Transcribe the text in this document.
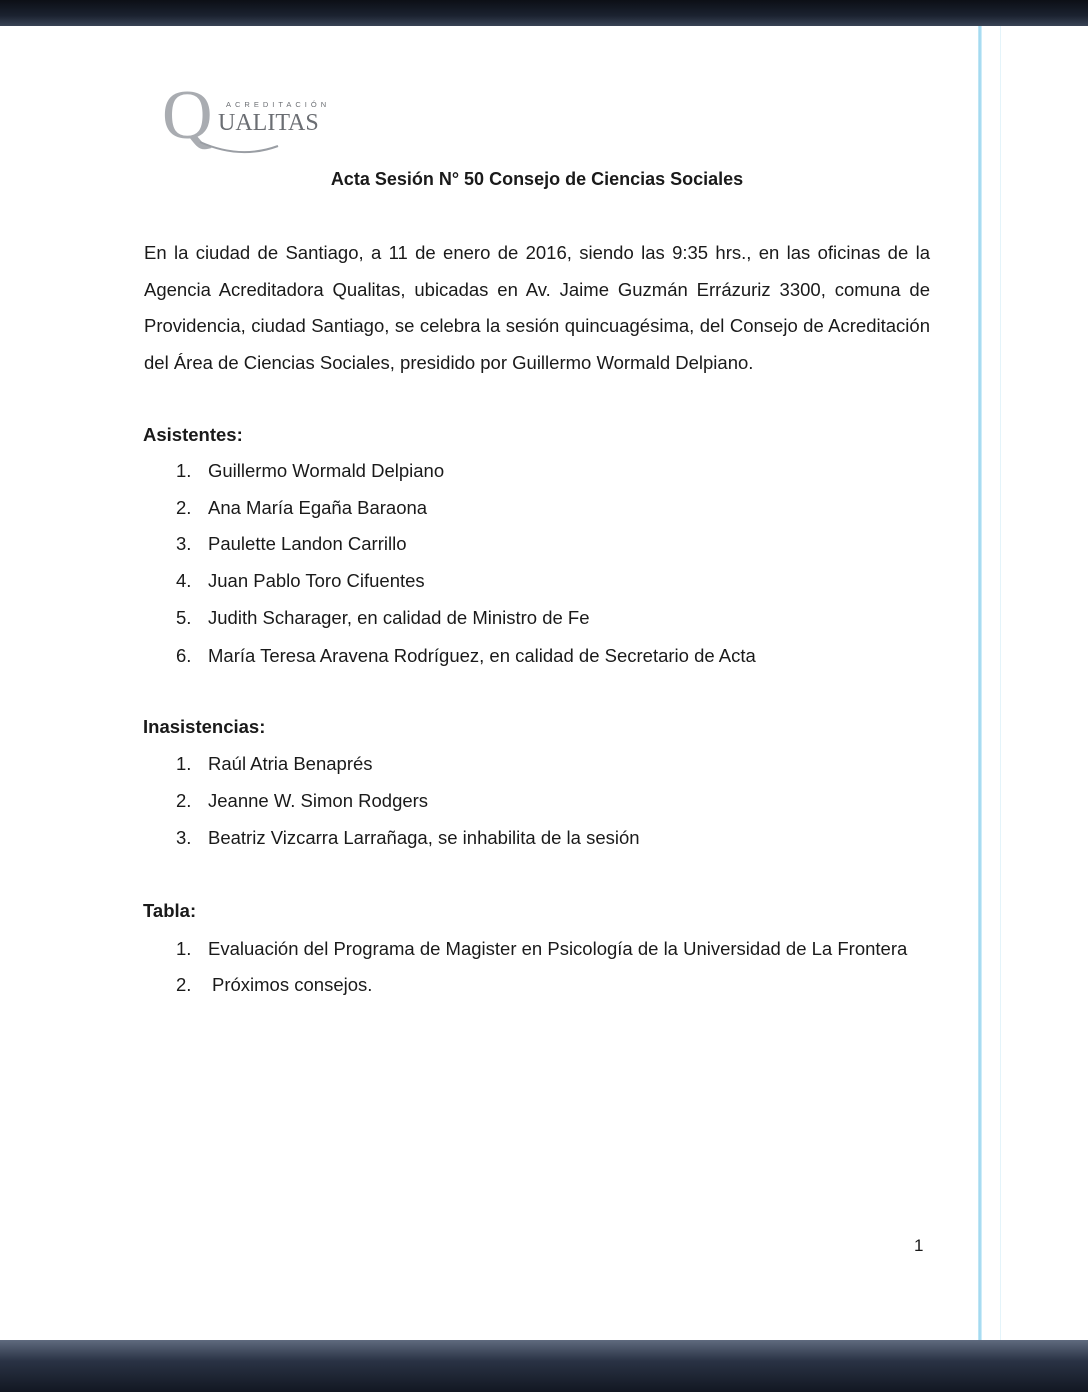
Q ACREDITACIÓN
UALITAS
Acta Sesión N° 50 Consejo de Ciencias Sociales

En la ciudad de Santiago, a 11 de enero de 2016, siendo las 9:35 hrs., en las oficinas de la Agencia Acreditadora Qualitas, ubicadas en Av. Jaime Guzmán Errázuriz 3300, comuna de Providencia, ciudad Santiago, se celebra la sesión quincuagésima, del Consejo de Acreditación del Área de Ciencias Sociales, presidido por Guillermo Wormald Delpiano.

Asistentes:
1. Guillermo Wormald Delpiano
2. Ana María Egaña Baraona
3. Paulette Landon Carrillo
4. Juan Pablo Toro Cifuentes
5. Judith Scharager, en calidad de Ministro de Fe
6. María Teresa Aravena Rodríguez, en calidad de Secretario de Acta
Inasistencias:
1. Raúl Atria Benaprés
2. Jeanne W. Simon Rodgers
3. Beatriz Vizcarra Larrañaga, se inhabilita de la sesión
Tabla:
1. Evaluación del Programa de Magister en Psicología de la Universidad de La Frontera
2. Próximos consejos.
1
